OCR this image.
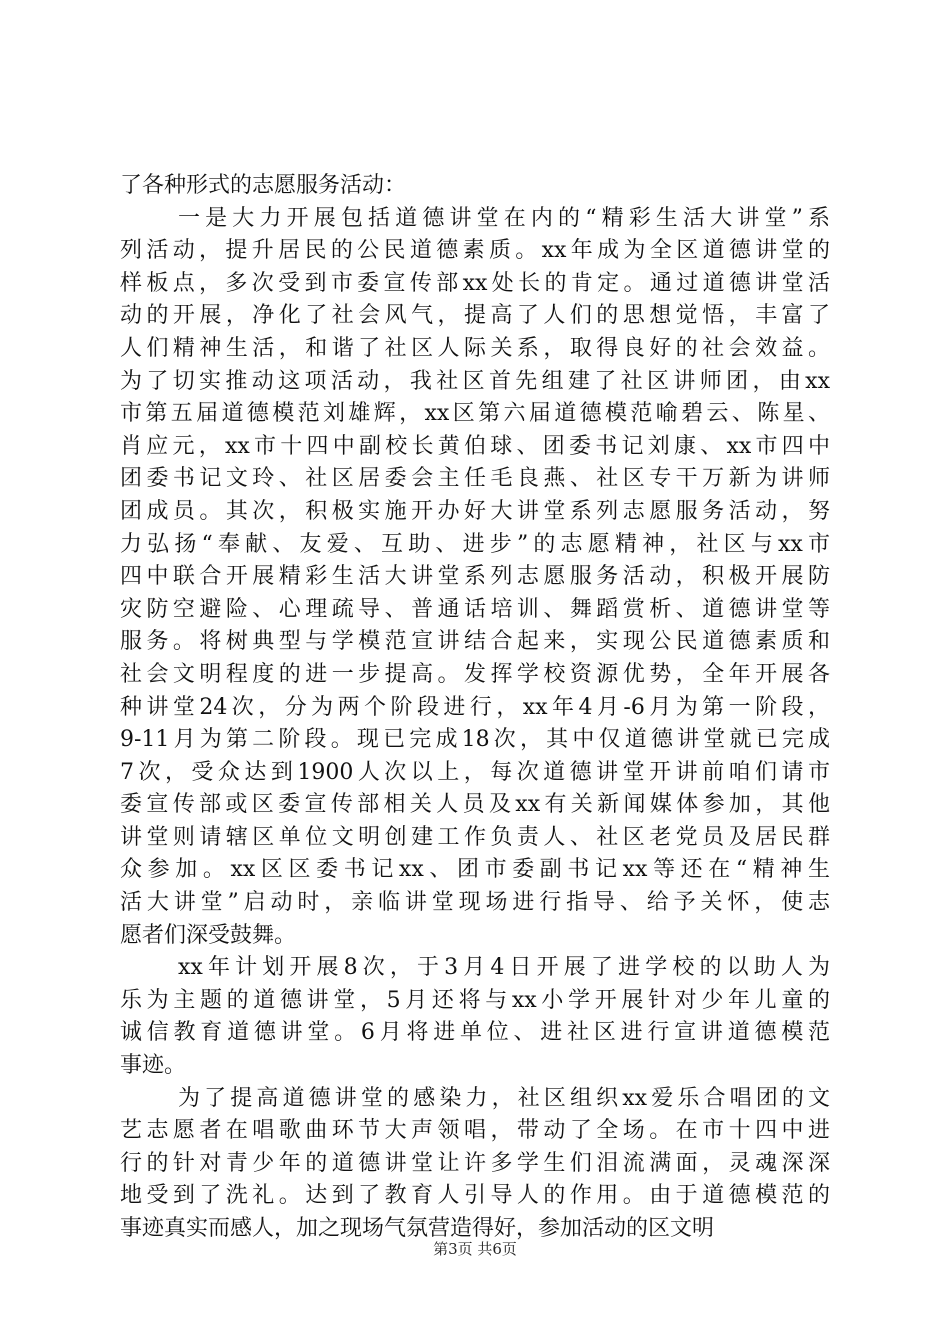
了各种形式的志愿服务活动：
一是大力开展包括道德讲堂在内的“精彩生活大讲堂”系
列活动，提升居民的公民道德素质。xx年成为全区道德讲堂的
样板点，多次受到市委宣传部xx处长的肯定。通过道德讲堂活
动的开展，净化了社会风气，提高了人们的思想觉悟，丰富了
人们精神生活，和谐了社区人际关系，取得良好的社会效益。
为了切实推动这项活动，我社区首先组建了社区讲师团，由xx
市第五届道德模范刘雄辉，xx区第六届道德模范喻碧云、陈星、
肖应元，xx市十四中副校长黄伯球、团委书记刘康、xx市四中
团委书记文玲、社区居委会主任毛良燕、社区专干万新为讲师
团成员。其次，积极实施开办好大讲堂系列志愿服务活动，努
力弘扬“奉献、友爱、互助、进步”的志愿精神，社区与xx市
四中联合开展精彩生活大讲堂系列志愿服务活动，积极开展防
灾防空避险、心理疏导、普通话培训、舞蹈赏析、道德讲堂等
服务。将树典型与学模范宣讲结合起来，实现公民道德素质和
社会文明程度的进一步提高。发挥学校资源优势，全年开展各
种讲堂24次，分为两个阶段进行，xx年4月-6月为第一阶段，
9-11月为第二阶段。现已完成18次，其中仅道德讲堂就已完成
7次，受众达到1900人次以上，每次道德讲堂开讲前咱们请市
委宣传部或区委宣传部相关人员及xx有关新闻媒体参加，其他
讲堂则请辖区单位文明创建工作负责人、社区老党员及居民群
众参加。xx区区委书记xx、团市委副书记xx等还在“精神生
活大讲堂”启动时，亲临讲堂现场进行指导、给予关怀，使志
愿者们深受鼓舞。
xx年计划开展8次，于3月4日开展了进学校的以助人为
乐为主题的道德讲堂，5月还将与xx小学开展针对少年儿童的
诚信教育道德讲堂。6月将进单位、进社区进行宣讲道德模范
事迹。
为了提高道德讲堂的感染力，社区组织xx爱乐合唱团的文
艺志愿者在唱歌曲环节大声领唱，带动了全场。在市十四中进
行的针对青少年的道德讲堂让许多学生们泪流满面，灵魂深深
地受到了洗礼。达到了教育人引导人的作用。由于道德模范的
事迹真实而感人，加之现场气氛营造得好，参加活动的区文明
第3页 共6页
